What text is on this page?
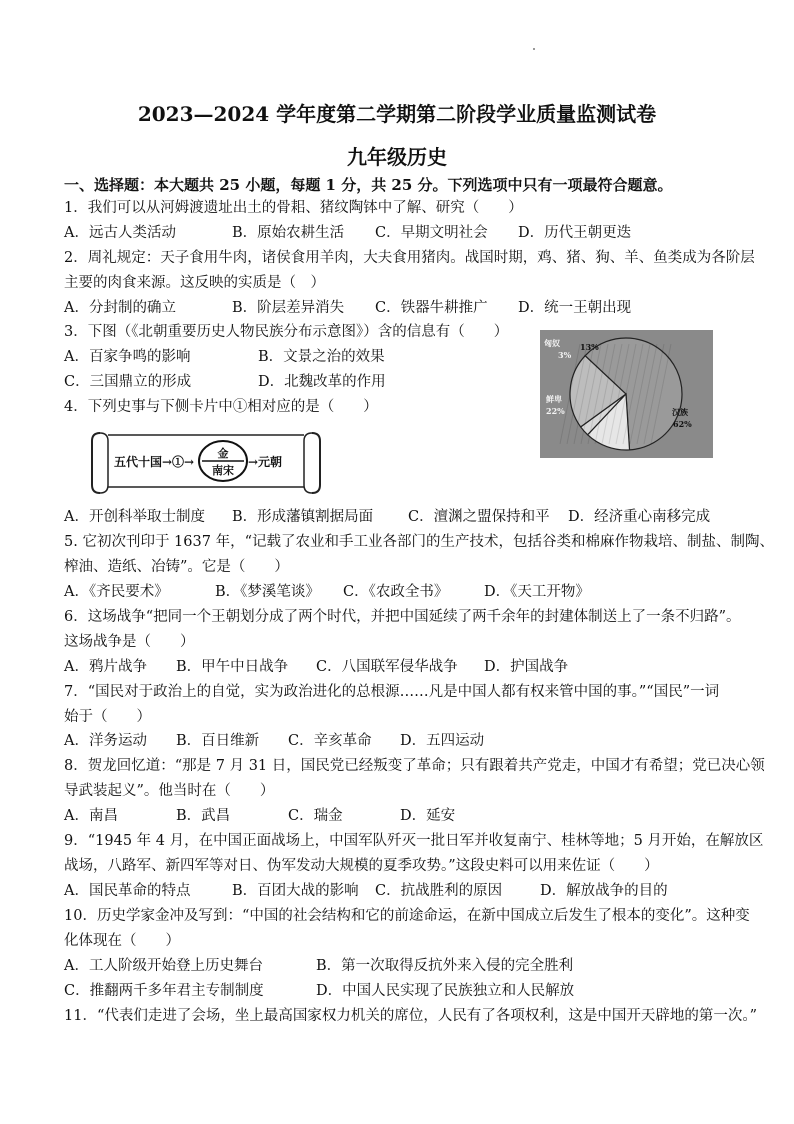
2023—2024 学年度第二学期第二阶段学业质量监测试卷
九年级历史
一、选择题：本大题共 25 小题，每题 1 分，共 25 分。下列选项中只有一项最符合题意。
1．我们可以从河姆渡遗址出土的骨耜、猪纹陶钵中了解、研究（　　）
A．远古人类活动	B．原始农耕生活 C．早期文明社会 D．历代王朝更迭
2．周礼规定：天子食用牛肉，诸侯食用羊肉，大夫食用猪肉。战国时期，鸡、猪、狗、羊、鱼类成为各阶层
主要的肉食来源。这反映的实质是（　）
A．分封制的确立	B．阶层差异消失 C．铁器牛耕推广 D．统一王朝出现
3．下图（《北朝重要历史人物民族分布示意图》）含的信息有（　　）
A．百家争鸣的影响	B．文景之治的效果
C．三国鼎立的形成	D．北魏改革的作用
匈奴
3%
鲜卑
22%	汉族
62%
13%
4．下列史事与下侧卡片中①相对应的是（　　）
五代十国→①→
金
南宋
→元朝
A．开创科举取士制度 B．形成藩镇割据局面 C．澶渊之盟保持和平 D．经济重心南移完成
5. 它初次刊印于 1637 年，“记载了农业和手工业各部门的生产技术，包括谷类和棉麻作物栽培、制盐、制陶、
榨油、造纸、冶铸”。它是（　　）
A．《齐民要术》	B．《梦溪笔谈》 C．《农政全书》 D．《天工开物》
6．这场战争“把同一个王朝划分成了两个时代，并把中国延续了两千余年的封建体制送上了一条不归路”。
这场战争是（　　）
A．鸦片战争 B．甲午中日战争 C．八国联军侵华战争 D．护国战争
7．“国民对于政治上的自觉，实为政治进化的总根源……凡是中国人都有权来管中国的事。”“国民”一词
始于（　　）
A．洋务运动 B．百日维新 C．辛亥革命 D．五四运动
8．贺龙回忆道：“那是 7 月 31 日，国民党已经叛变了革命；只有跟着共产党走，中国才有希望；党已决心领
导武装起义”。他当时在（　　）
A．南昌	B．武昌	C．瑞金	D．延安
9．“1945 年 4 月，在中国正面战场上，中国军队歼灭一批日军并收复南宁、桂林等地；5 月开始，在解放区
战场，八路军、新四军等对日、伪军发动大规模的夏季攻势。”这段史料可以用来佐证（　　）
A．国民革命的特点	B．百团大战的影响 C．抗战胜利的原因	D．解放战争的目的
10．历史学家金冲及写到：“中国的社会结构和它的前途命运，在新中国成立后发生了根本的变化”。这种变
化体现在（　　）
A．工人阶级开始登上历史舞台	B．第一次取得反抗外来入侵的完全胜利
C．推翻两千多年君主专制制度	D．中国人民实现了民族独立和人民解放
11．“代表们走进了会场，坐上最高国家权力机关的席位，人民有了各项权利，这是中国开天辟地的第一次。”
